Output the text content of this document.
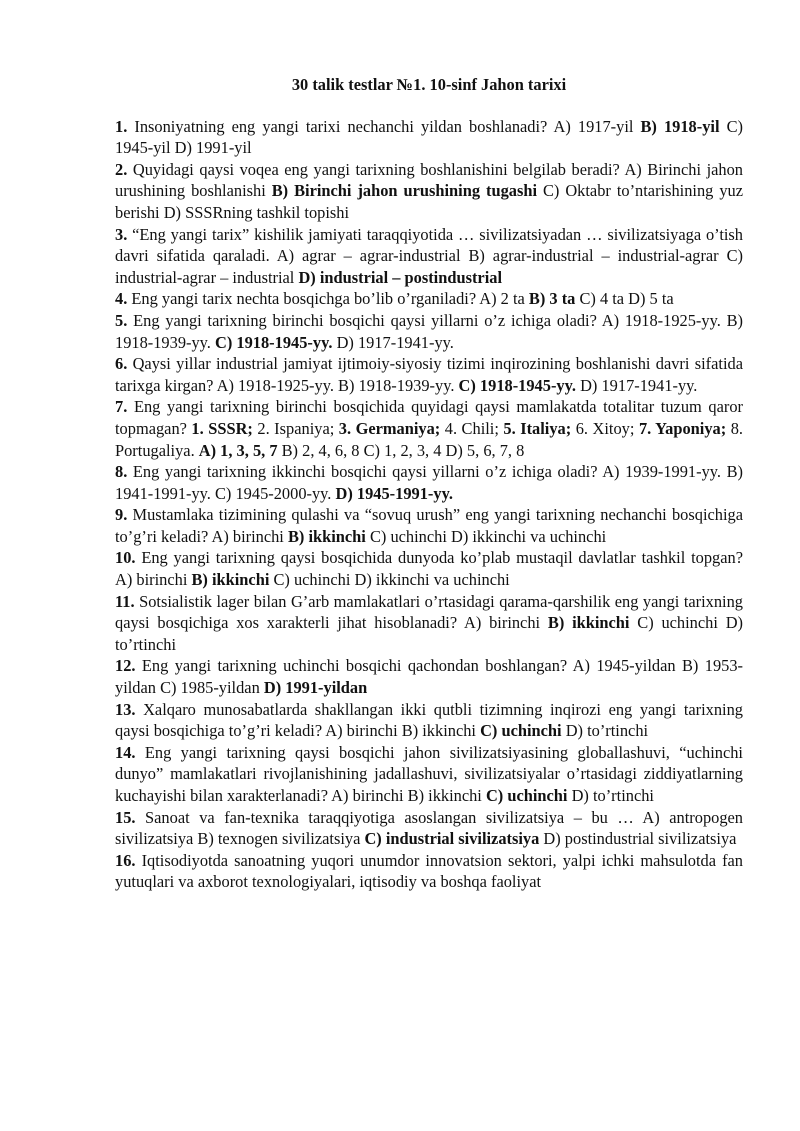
30 talik testlar №1. 10-sinf Jahon tarixi

1. Insoniyatning eng yangi tarixi nechanchi yildan boshlanadi? A) 1917-yil B) 1918-yil C) 1945-yil D) 1991-yil

2. Quyidagi qaysi voqea eng yangi tarixning boshlanishini belgilab beradi? A) Birinchi jahon urushining boshlanishi B) Birinchi jahon urushining tugashi C) Oktabr to’ntarishining yuz berishi D) SSSRning tashkil topishi

3. “Eng yangi tarix” kishilik jamiyati taraqqiyotida … sivilizatsiyadan … sivilizatsiyaga o’tish davri sifatida qaraladi. A) agrar – agrar-industrial B) agrar-industrial – industrial-agrar C) industrial-agrar – industrial D) industrial – postindustrial

4. Eng yangi tarix nechta bosqichga bo’lib o’rganiladi? A) 2 ta B) 3 ta C) 4 ta D) 5 ta

5. Eng yangi tarixning birinchi bosqichi qaysi yillarni o’z ichiga oladi? A) 1918-1925-yy. B) 1918-1939-yy. C) 1918-1945-yy. D) 1917-1941-yy.

6. Qaysi yillar industrial jamiyat ijtimoiy-siyosiy tizimi inqirozining boshlanishi davri sifatida tarixga kirgan? A) 1918-1925-yy. B) 1918-1939-yy. C) 1918-1945-yy. D) 1917-1941-yy.

7. Eng yangi tarixning birinchi bosqichida quyidagi qaysi mamlakatda totalitar tuzum qaror topmagan? 1. SSSR; 2. Ispaniya; 3. Germaniya; 4. Chili; 5. Italiya; 6. Xitoy; 7. Yaponiya; 8. Portugaliya. A) 1, 3, 5, 7 B) 2, 4, 6, 8 C) 1, 2, 3, 4 D) 5, 6, 7, 8

8. Eng yangi tarixning ikkinchi bosqichi qaysi yillarni o’z ichiga oladi? A) 1939-1991-yy. B) 1941-1991-yy. C) 1945-2000-yy. D) 1945-1991-yy.

9. Mustamlaka tizimining qulashi va “sovuq urush” eng yangi tarixning nechanchi bosqichiga to’g’ri keladi? A) birinchi B) ikkinchi C) uchinchi D) ikkinchi va uchinchi

10. Eng yangi tarixning qaysi bosqichida dunyoda ko’plab mustaqil davlatlar tashkil topgan? A) birinchi B) ikkinchi C) uchinchi D) ikkinchi va uchinchi

11. Sotsialistik lager bilan G’arb mamlakatlari o’rtasidagi qarama-qarshilik eng yangi tarixning qaysi bosqichiga xos xarakterli jihat hisoblanadi? A) birinchi B) ikkinchi C) uchinchi D) to’rtinchi

12. Eng yangi tarixning uchinchi bosqichi qachondan boshlangan? A) 1945-yildan B) 1953-yildan C) 1985-yildan D) 1991-yildan

13. Xalqaro munosabatlarda shakllangan ikki qutbli tizimning inqirozi eng yangi tarixning qaysi bosqichiga to’g’ri keladi? A) birinchi B) ikkinchi C) uchinchi D) to’rtinchi

14. Eng yangi tarixning qaysi bosqichi jahon sivilizatsiyasining globallashuvi, “uchinchi dunyo” mamlakatlari rivojlanishining jadallashuvi, sivilizatsiyalar o’rtasidagi ziddiyatlarning kuchayishi bilan xarakterlanadi? A) birinchi B) ikkinchi C) uchinchi D) to’rtinchi

15. Sanoat va fan-texnika taraqqiyotiga asoslangan sivilizatsiya – bu … A) antropogen sivilizatsiya B) texnogen sivilizatsiya C) industrial sivilizatsiya D) postindustrial sivilizatsiya

16. Iqtisodiyotda sanoatning yuqori unumdor innovatsion sektori, yalpi ichki mahsulotda fan yutuqlari va axborot texnologiyalari, iqtisodiy va boshqa faoliyat
